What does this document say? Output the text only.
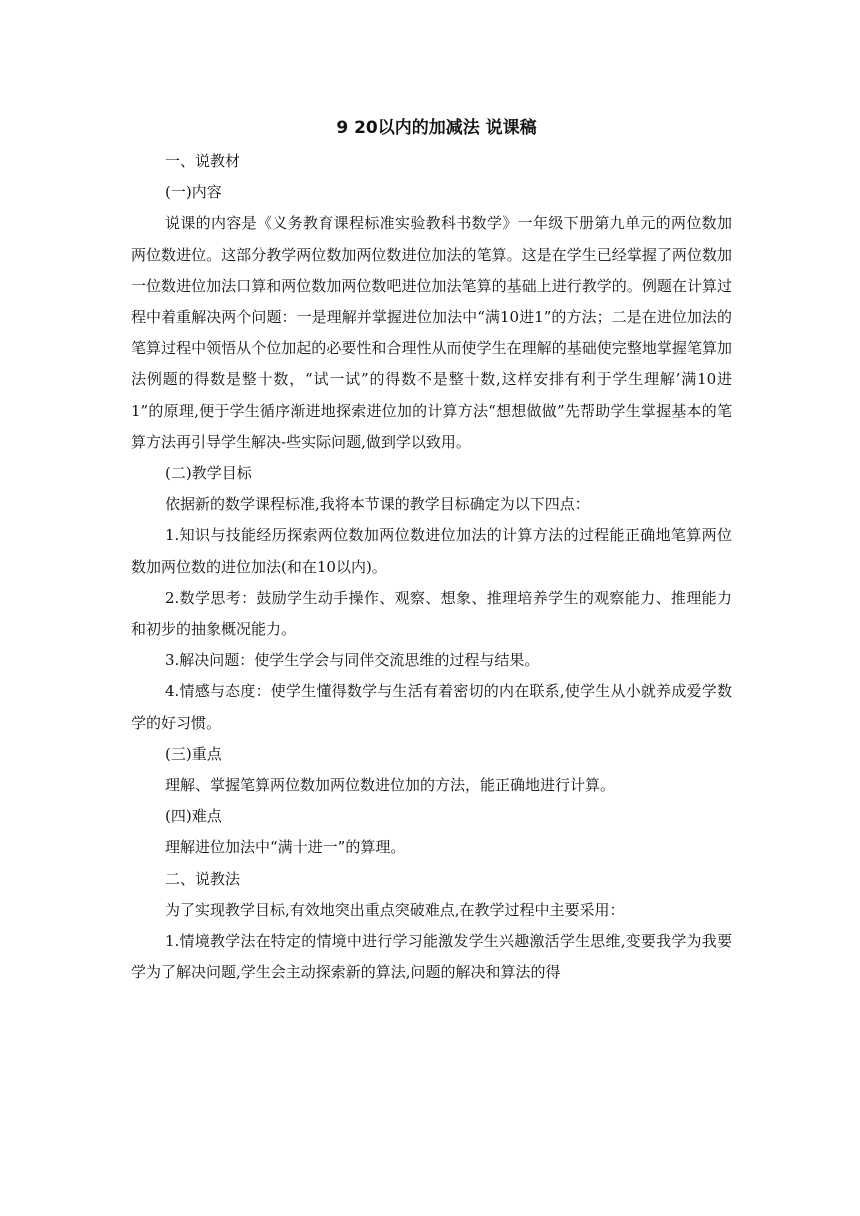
9 20以内的加减法 说课稿

一、说教材

(一)内容

说课的内容是《义务教育课程标准实验教科书数学》一年级下册第九单元的两位数加两位数进位。这部分教学两位数加两位数进位加法的笔算。这是在学生已经掌握了两位数加一位数进位加法口算和两位数加两位数吧进位加法笔算的基础上进行教学的。例题在计算过程中着重解决两个问题：一是理解并掌握进位加法中“满10进1”的方法；二是在进位加法的笔算过程中领悟从个位加起的必要性和合理性从而使学生在理解的基础使完整地掌握笔算加法例题的得数是整十数，“试一试”的得数不是整十数,这样安排有利于学生理解’满10进1”的原理,便于学生循序渐进地探索进位加的计算方法“想想做做”先帮助学生掌握基本的笔算方法再引导学生解决-些实际问题,做到学以致用。

(二)教学目标

依据新的数学课程标准,我将本节课的教学目标确定为以下四点：

1.知识与技能经历探索两位数加两位数进位加法的计算方法的过程能正确地笔算两位数加两位数的进位加法(和在10以内)。

2.数学思考：鼓励学生动手操作、观察、想象、推理培养学生的观察能力、推理能力和初步的抽象概况能力。

3.解决问题：使学生学会与同伴交流思维的过程与结果。

4.情感与态度：使学生懂得数学与生活有着密切的内在联系,使学生从小就养成爱学数学的好习惯。

(三)重点

理解、掌握笔算两位数加两位数进位加的方法，能正确地进行计算。

(四)难点

理解进位加法中“满十进一”的算理。

二、说教法

为了实现教学目标,有效地突出重点突破难点,在教学过程中主要采用：

1.情境教学法在特定的情境中进行学习能激发学生兴趣激活学生思维,变要我学为我要学为了解决问题,学生会主动探索新的算法,问题的解决和算法的得
